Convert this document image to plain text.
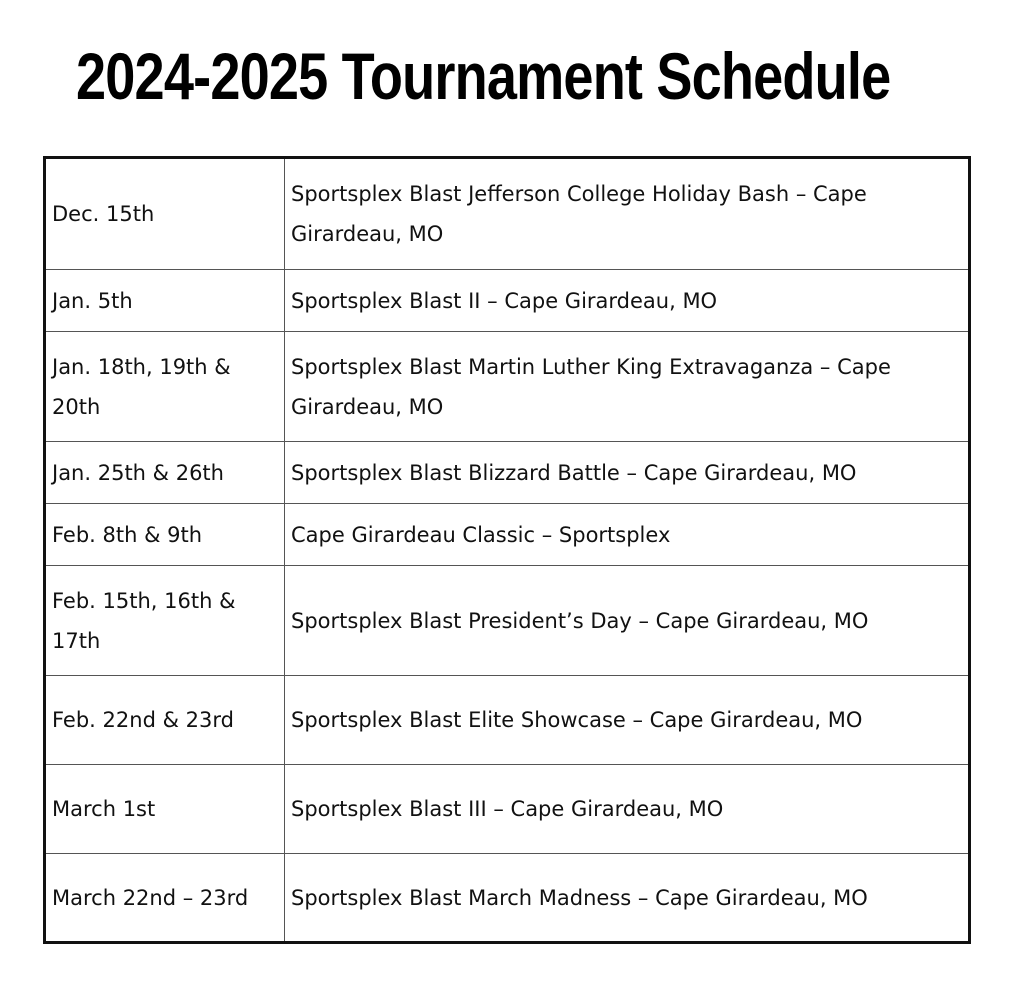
2024-2025 Tournament Schedule
Dec. 15th	Sportsplex Blast Jefferson College Holiday Bash – Cape Girardeau, MO
Jan. 5th	Sportsplex Blast II – Cape Girardeau, MO
Jan. 18th, 19th & 20th	Sportsplex Blast Martin Luther King Extravaganza – Cape Girardeau, MO
Jan. 25th & 26th	Sportsplex Blast Blizzard Battle – Cape Girardeau, MO
Feb. 8th & 9th	Cape Girardeau Classic – Sportsplex
Feb. 15th, 16th & 17th	Sportsplex Blast President’s Day – Cape Girardeau, MO
Feb. 22nd & 23rd	Sportsplex Blast Elite Showcase – Cape Girardeau, MO
March 1st	Sportsplex Blast III – Cape Girardeau, MO
March 22nd – 23rd	Sportsplex Blast March Madness – Cape Girardeau, MO
